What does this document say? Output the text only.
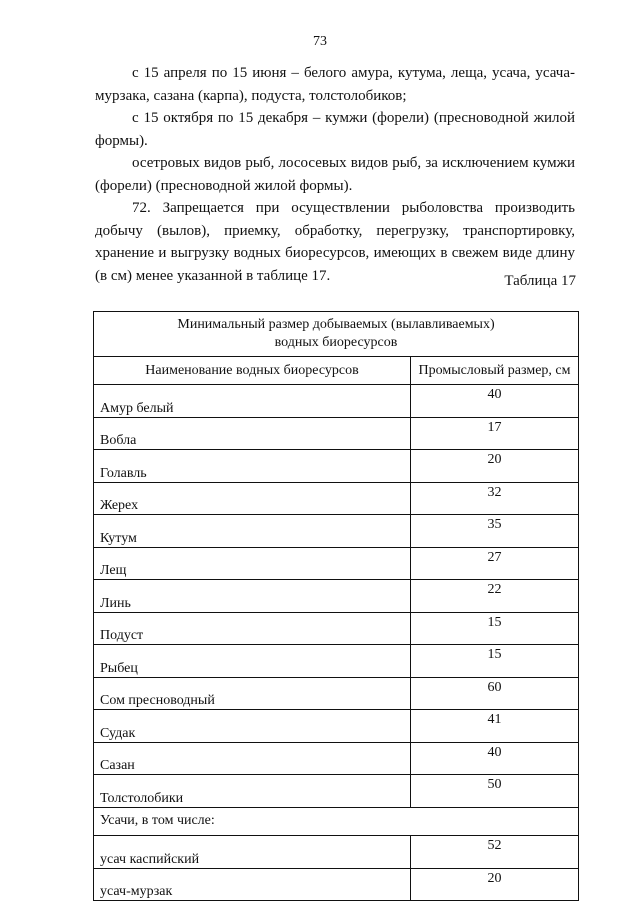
73

с 15 апреля по 15 июня – белого амура, кутума, леща, усача, усача-мурзака, сазана (карпа), подуста, толстолобиков;

с 15 октября по 15 декабря – кумжи (форели) (пресноводной жилой формы).

осетровых видов рыб, лососевых видов рыб, за исключением кумжи (форели) (пресноводной жилой формы).

72. Запрещается при осуществлении рыболовства производить добычу (вылов), приемку, обработку, перегрузку, транспортировку, хранение и выгрузку водных биоресурсов, имеющих в свежем виде длину (в см) менее указанной в таблице 17.	Таблица 17
Минимальный размер добываемых (вылавливаемых)
водных биоресурсов	

Наименование водных биоресурсов	Промысловый размер, см
Амур белый	40
Вобла	17
Голавль	20
Жерех	32
Кутум	35
Лещ	27
Линь	22
Подуст	15
Рыбец	15
Сом пресноводный	60
Судак	41
Сазан	40
Толстолобики	50
Усачи, в том числе:	
усач каспийский	52
усач-мурзак	20
